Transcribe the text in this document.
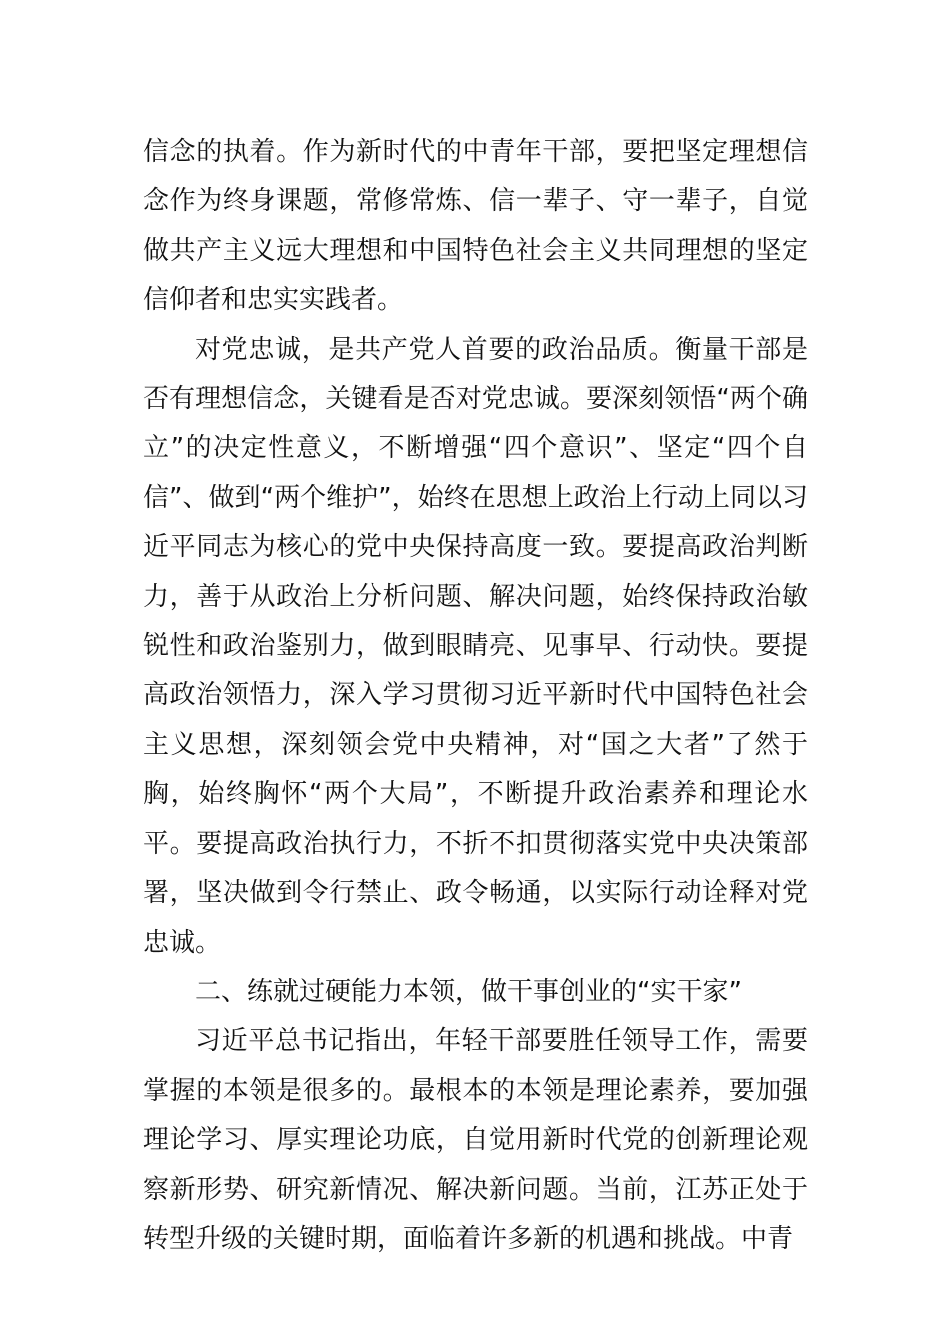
信念的执着。作为新时代的中青年干部，要把坚定理想信念作为终身课题，常修常炼、信一辈子、守一辈子，自觉做共产主义远大理想和中国特色社会主义共同理想的坚定信仰者和忠实实践者。

对党忠诚，是共产党人首要的政治品质。衡量干部是否有理想信念，关键看是否对党忠诚。要深刻领悟“两个确立”的决定性意义，不断增强“四个意识”、坚定“四个自信”、做到“两个维护”，始终在思想上政治上行动上同以习近平同志为核心的党中央保持高度一致。要提高政治判断力，善于从政治上分析问题、解决问题，始终保持政治敏锐性和政治鉴别力，做到眼睛亮、见事早、行动快。要提高政治领悟力，深入学习贯彻习近平新时代中国特色社会主义思想，深刻领会党中央精神，对“国之大者”了然于胸，始终胸怀“两个大局”，不断提升政治素养和理论水平。要提高政治执行力，不折不扣贯彻落实党中央决策部署，坚决做到令行禁止、政令畅通，以实际行动诠释对党忠诚。

二、练就过硬能力本领，做干事创业的“实干家”

习近平总书记指出，年轻干部要胜任领导工作，需要掌握的本领是很多的。最根本的本领是理论素养，要加强理论学习、厚实理论功底，自觉用新时代党的创新理论观察新形势、研究新情况、解决新问题。当前，江苏正处于转型升级的关键时期，面临着许多新的机遇和挑战。中青
